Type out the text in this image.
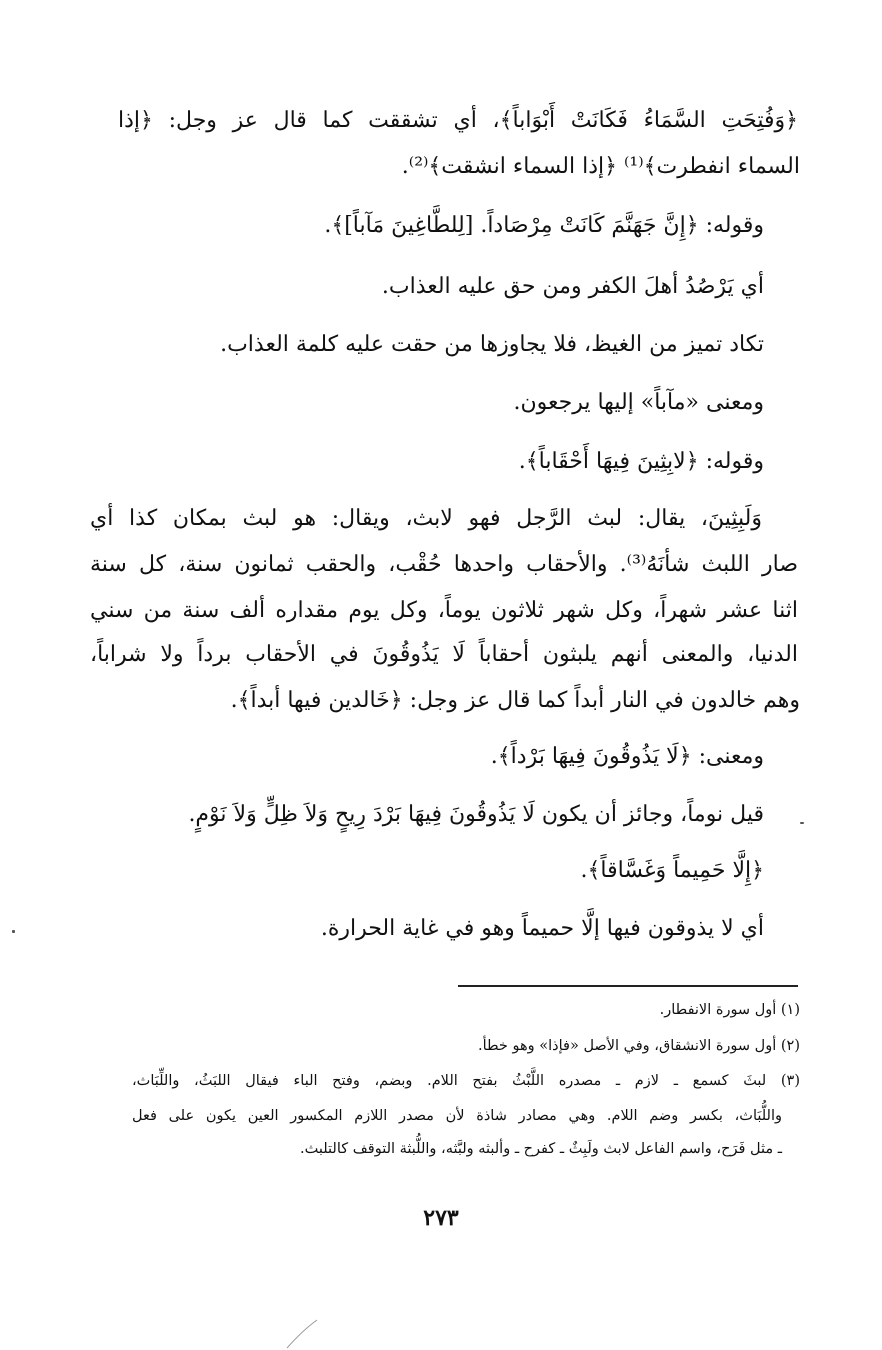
﴿وَفُتِحَتِ السَّمَاءُ فَكَانَتْ أَبْوَاباً﴾، أي تشققت كما قال عز وجل: ﴿إذا
السماء انفطرت﴾⁽¹⁾ ﴿إذا السماء انشقت﴾⁽²⁾.
وقوله: ﴿إِنَّ جَهَنَّمَ كَانَتْ مِرْصَاداً. [لِلطَّاغِينَ مَآباً]﴾.
أي يَرْصُدُ أهلَ الكفر ومن حق عليه العذاب.
تكاد تميز من الغيظ، فلا يجاوزها من حقت عليه كلمة العذاب.
ومعنى «مآباً» إليها يرجعون.
وقوله: ﴿لابِثِينَ فِيهَا أَحْقَاباً﴾.
وَلَبِثِينَ، يقال: لبث الرَّجل فهو لابث، ويقال: هو لبث بمكان كذا أي
صار اللبث شأنَهُ⁽³⁾. والأحقاب واحدها حُقْب، والحقب ثمانون سنة، كل سنة
اثنا عشر شهراً، وكل شهر ثلاثون يوماً، وكل يوم مقداره ألف سنة من سني
الدنيا، والمعنى أنهم يلبثون أحقاباً لَا يَذُوقُونَ في الأحقاب برداً ولا شراباً،
وهم خالدون في النار أبداً كما قال عز وجل: ﴿خَالدين فيها أبداً﴾.
ومعنى: ﴿لَا يَذُوقُونَ فِيهَا بَرْداً﴾.
قيل نوماً، وجائز أن يكون لَا يَذُوقُونَ فِيهَا بَرْدَ رِيحٍ وَلاَ ظِلٍّ وَلاَ نَوْمٍ.
﴿إِلَّا حَمِيماً وَغَسَّاقاً﴾.
أي لا يذوقون فيها إلَّا حميماً وهو في غاية الحرارة.
(١) أول سورة الانفطار.
(٢) أول سورة الانشقاق، وفي الأصل «فإذا» وهو خطأ.
(٣) لبثَ كسمع ـ لازم ـ مصدره اللَّبْثُ بفتح اللام. وبضم، وفتح الباء فيقال اللبَثُ، واللِّبَاث،
واللُّبَاث، بكسر وضم اللام. وهي مصادر شاذة لأن مصدر اللازم المكسور العين يكون على فعل
ـ مثل فَرَح، واسم الفاعل لابث ولَبِثٌ ـ كفرح ـ وألبثه ولبَّثه، واللُّبثة التوقف كالتلبث.
٢٧٣
